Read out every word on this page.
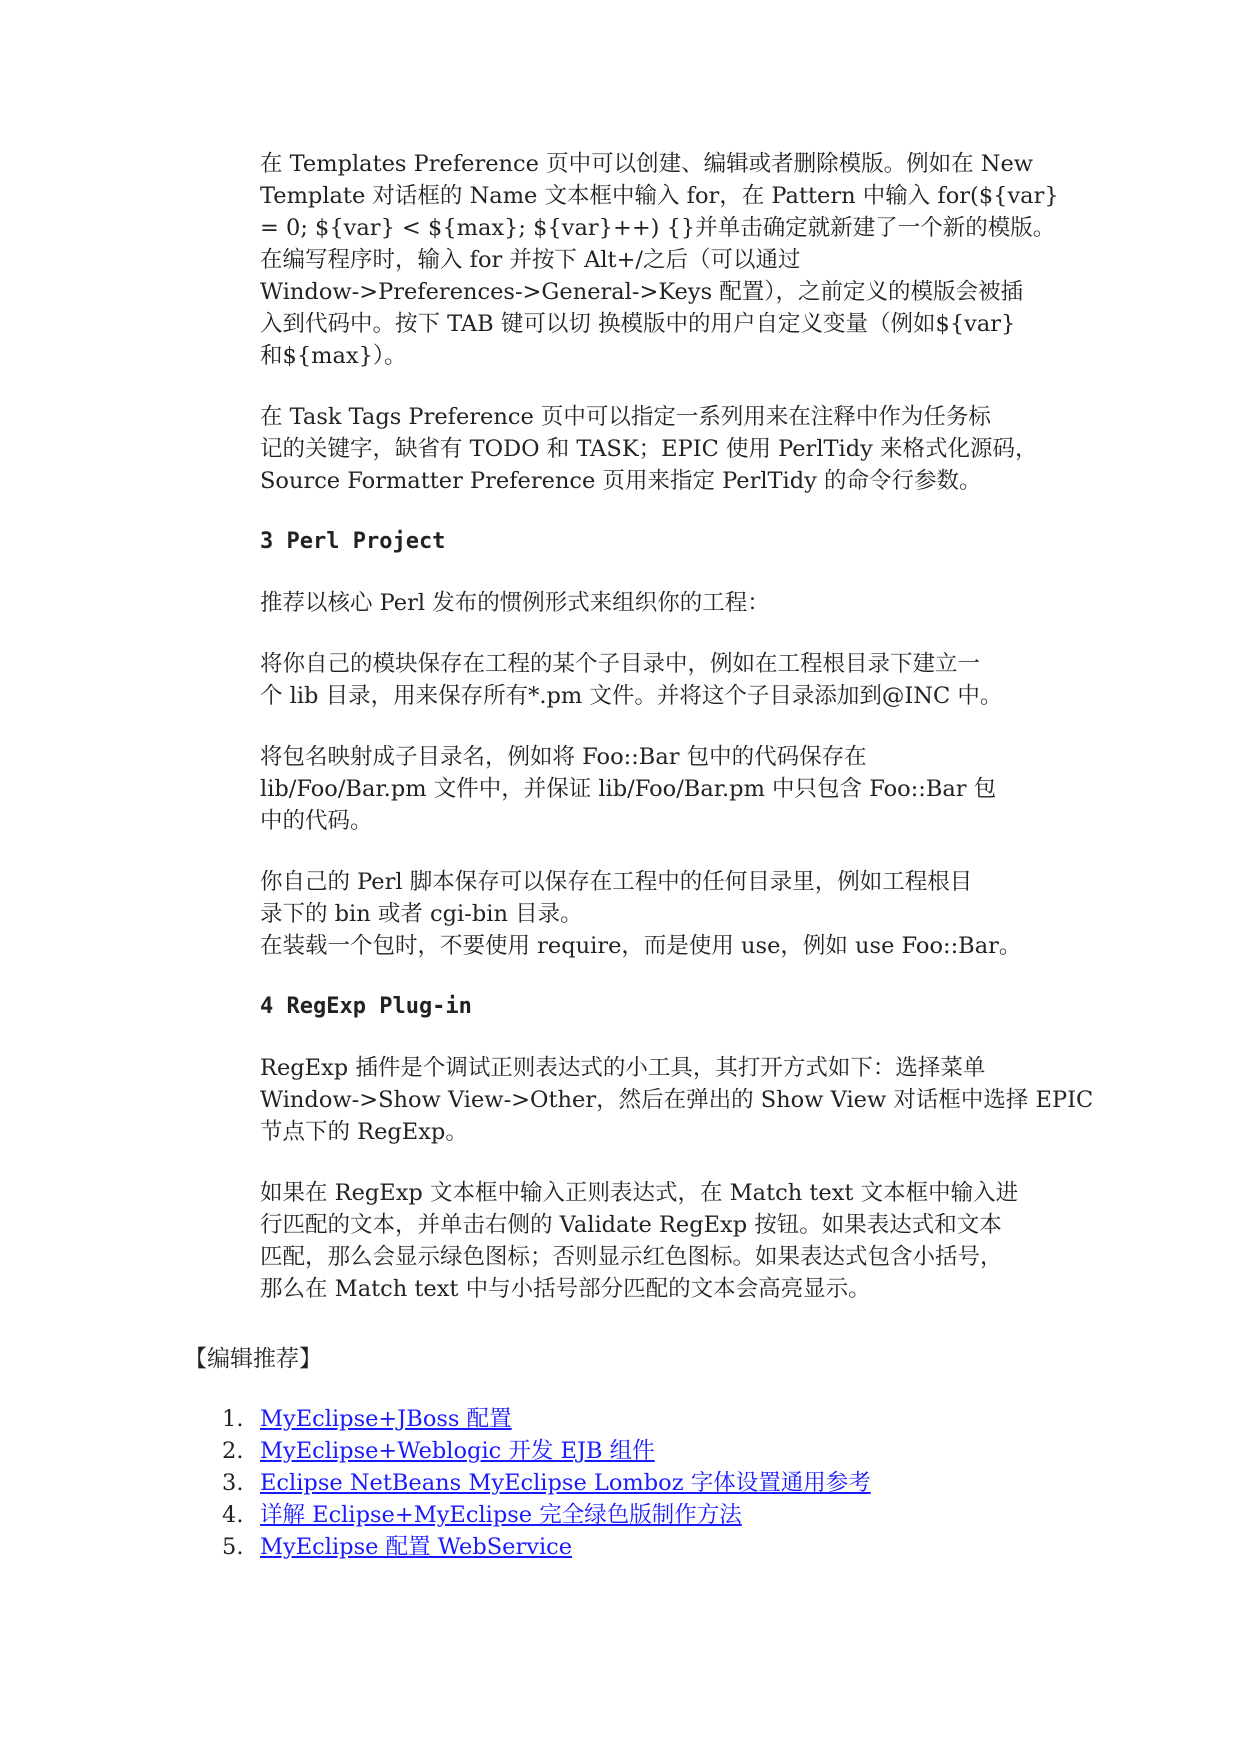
在 Templates Preference 页中可以创建、编辑或者删除模版。例如在 New
Template 对话框的 Name 文本框中输入 for，在 Pattern 中输入 for(${var}
= 0; ${var} < ${max}; ${var}++) {}并单击确定就新建了一个新的模版。
在编写程序时，输入 for 并按下 Alt+/之后（可以通过
Window->Preferences->General->Keys 配置），之前定义的模版会被插
入到代码中。按下 TAB 键可以切 换模版中的用户自定义变量（例如${var}
和${max}）。

在 Task Tags Preference 页中可以指定一系列用来在注释中作为任务标
记的关键字，缺省有 TODO 和 TASK；EPIC 使用 PerlTidy 来格式化源码，
Source Formatter Preference 页用来指定 PerlTidy 的命令行参数。

3 Perl Project

推荐以核心 Perl 发布的惯例形式来组织你的工程：

将你自己的模块保存在工程的某个子目录中，例如在工程根目录下建立一
个 lib 目录，用来保存所有*.pm 文件。并将这个子目录添加到@INC 中。

将包名映射成子目录名，例如将 Foo::Bar 包中的代码保存在
lib/Foo/Bar.pm 文件中，并保证 lib/Foo/Bar.pm 中只包含 Foo::Bar 包
中的代码。

你自己的 Perl 脚本保存可以保存在工程中的任何目录里，例如工程根目
录下的 bin 或者 cgi-bin 目录。
在装载一个包时，不要使用 require，而是使用 use，例如 use Foo::Bar。

4 RegExp Plug-in

RegExp 插件是个调试正则表达式的小工具，其打开方式如下：选择菜单
Window->Show View->Other，然后在弹出的 Show View 对话框中选择 EPIC
节点下的 RegExp。

如果在 RegExp 文本框中输入正则表达式，在 Match text 文本框中输入进
行匹配的文本，并单击右侧的 Validate RegExp 按钮。如果表达式和文本
匹配，那么会显示绿色图标；否则显示红色图标。如果表达式包含小括号，
那么在 Match text 中与小括号部分匹配的文本会高亮显示。

【编辑推荐】
1. MyEclipse+JBoss 配置
2. MyEclipse+Weblogic 开发 EJB 组件
3. Eclipse NetBeans MyEclipse Lomboz 字体设置通用参考
4. 详解 Eclipse+MyEclipse 完全绿色版制作方法
5. MyEclipse 配置 WebService
